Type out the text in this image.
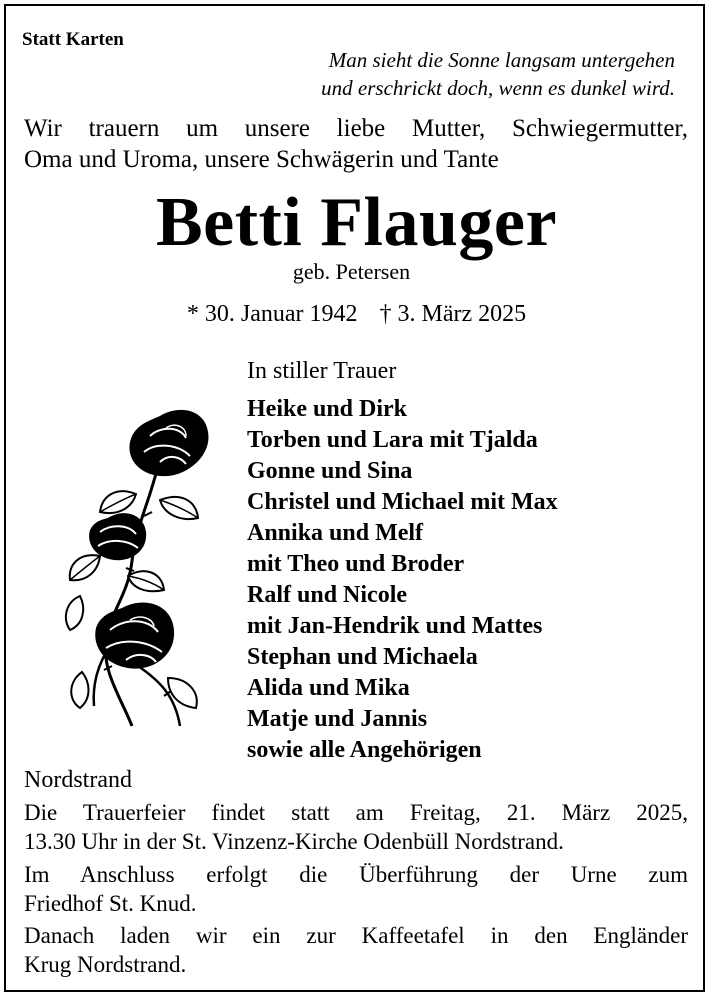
Statt Karten
Man sieht die Sonne langsam untergehen
und erschrickt doch, wenn es dunkel wird.
Wir trauern um unsere liebe Mutter, Schwiegermutter,
Oma und Uroma, unsere Schwägerin und Tante
Betti Flauger
geb. Petersen
* 30. Januar 1942 † 3. März 2025
In stiller Trauer
Heike und Dirk
Torben und Lara mit Tjalda
Gonne und Sina
Christel und Michael mit Max
Annika und Melf
mit Theo und Broder
Ralf und Nicole
mit Jan-Hendrik und Mattes
Stephan und Michaela
Alida und Mika
Matje und Jannis
sowie alle Angehörigen
Nordstrand
Die Trauerfeier findet statt am Freitag, 21. März 2025,
13.30 Uhr in der St. Vinzenz-Kirche Odenbüll Nordstrand.
Im Anschluss erfolgt die Überführung der Urne zum
Friedhof St. Knud.
Danach laden wir ein zur Kaffeetafel in den Engländer
Krug Nordstrand.
